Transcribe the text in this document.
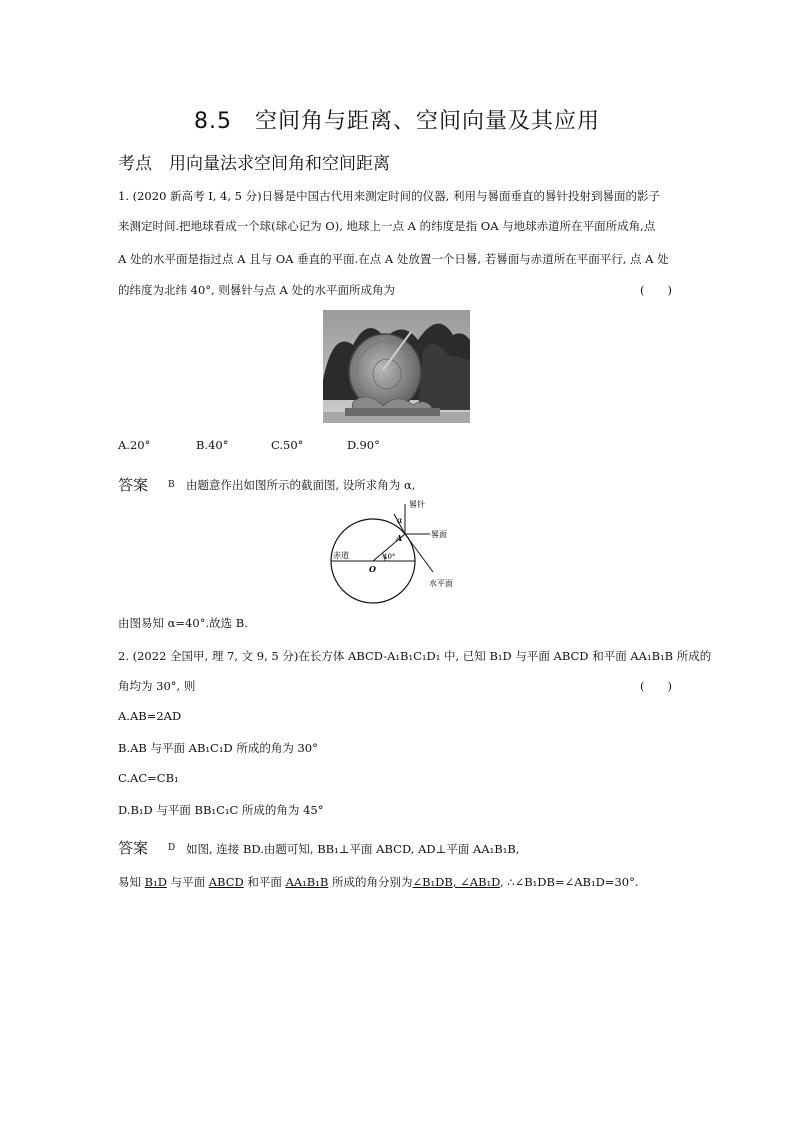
8.5　空间角与距离、空间向量及其应用
考点　用向量法求空间角和空间距离
1. (2020 新高考 Ⅰ, 4, 5 分)日晷是中国古代用来测定时间的仪器, 利用与晷面垂直的晷针投射到晷面的影子
来测定时间.把地球看成一个球(球心记为 O), 地球上一点 A 的纬度是指 OA 与地球赤道所在平面所成角,点
A 处的水平面是指过点 A 且与 OA 垂直的平面.在点 A 处放置一个日晷, 若晷面与赤道所在平面平行, 点 A 处
的纬度为北纬 40°, 则晷针与点 A 处的水平面所成角为	(　　)
A.20°	B.40°	C.50°	D.90°
答案 B 由题意作出如图所示的截面图, 设所求角为 α,
晷针
晷面
赤道
水平面
α
A
O
40°
由图易知 α=40°.故选 B.
2. (2022 全国甲, 理 7, 文 9, 5 分)在长方体 ABCD-A₁B₁C₁D₁ 中, 已知 B₁D 与平面 ABCD 和平面 AA₁B₁B 所成的
角均为 30°, 则	(　　)
A.AB=2AD
B.AB 与平面 AB₁C₁D 所成的角为 30°
C.AC=CB₁
D.B₁D 与平面 BB₁C₁C 所成的角为 45°
答案 D 如图, 连接 BD.由题可知, BB₁⊥平面 ABCD, AD⊥平面 AA₁B₁B,
易知 B₁D 与平面 ABCD 和平面 AA₁B₁B 所成的角分别为∠B₁DB, ∠AB₁D, ∴∠B₁DB=∠AB₁D=30°.
